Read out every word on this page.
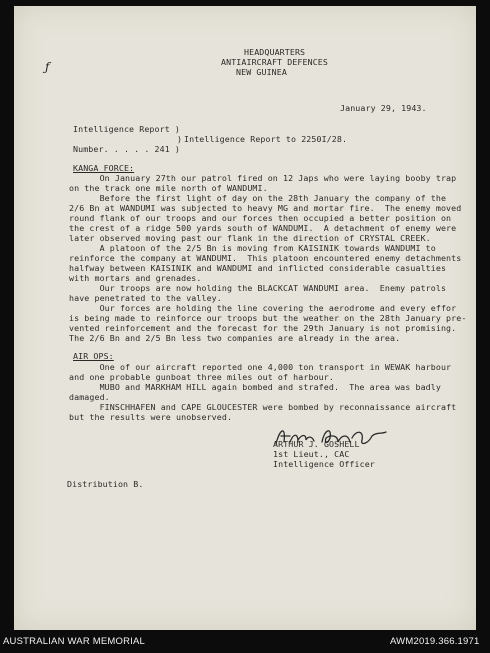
ƒ
HEADQUARTERS
ANTIAIRCRAFT DEFENCES
NEW GUINEA
January 29, 1943.
Intelligence Report )
) Intelligence Report to 2250I/28.
Number. . . . . 241 )
KANGA FORCE:
On January 27th our patrol fired on 12 Japs who were laying booby trap
on the track one mile north of WANDUMI.
Before the first light of day on the 28th January the company of the
2/6 Bn at WANDUMI was subjected to heavy MG and mortar fire.  The enemy moved
round flank of our troops and our forces then occupied a better position on
the crest of a ridge 500 yards south of WANDUMI.  A detachment of enemy were
later observed moving past our flank in the direction of CRYSTAL CREEK.
A platoon of the 2/5 Bn is moving from KAISINIK towards WANDUMI to
reinforce the company at WANDUMI.  This platoon encountered enemy detachments
halfway between KAISINIK and WANDUMI and inflicted considerable casualties
with mortars and grenades.
Our troops are now holding the BLACKCAT WANDUMI area.  Enemy patrols
have penetrated to the valley.
Our forces are holding the line covering the aerodrome and every effor
is being made to reinforce our troops but the weather on the 28th January pre-
vented reinforcement and the forecast for the 29th January is not promising.
The 2/6 Bn and 2/5 Bn less two companies are already in the area.
AIR OPS:
One of our aircraft reported one 4,000 ton transport in WEWAK harbour
and one probable gunboat three miles out of harbour.
MUBO and MARKHAM HILL again bombed and strafed.  The area was badly
damaged.
FINSCHHAFEN and CAPE GLOUCESTER were bombed by reconnaissance aircraft
but the results were unobserved.
ARTHUR J. GOSHELL
1st Lieut., CAC
Intelligence Officer
Distribution B.
AUSTRALIAN WAR MEMORIAL	AWM2019.366.1971
